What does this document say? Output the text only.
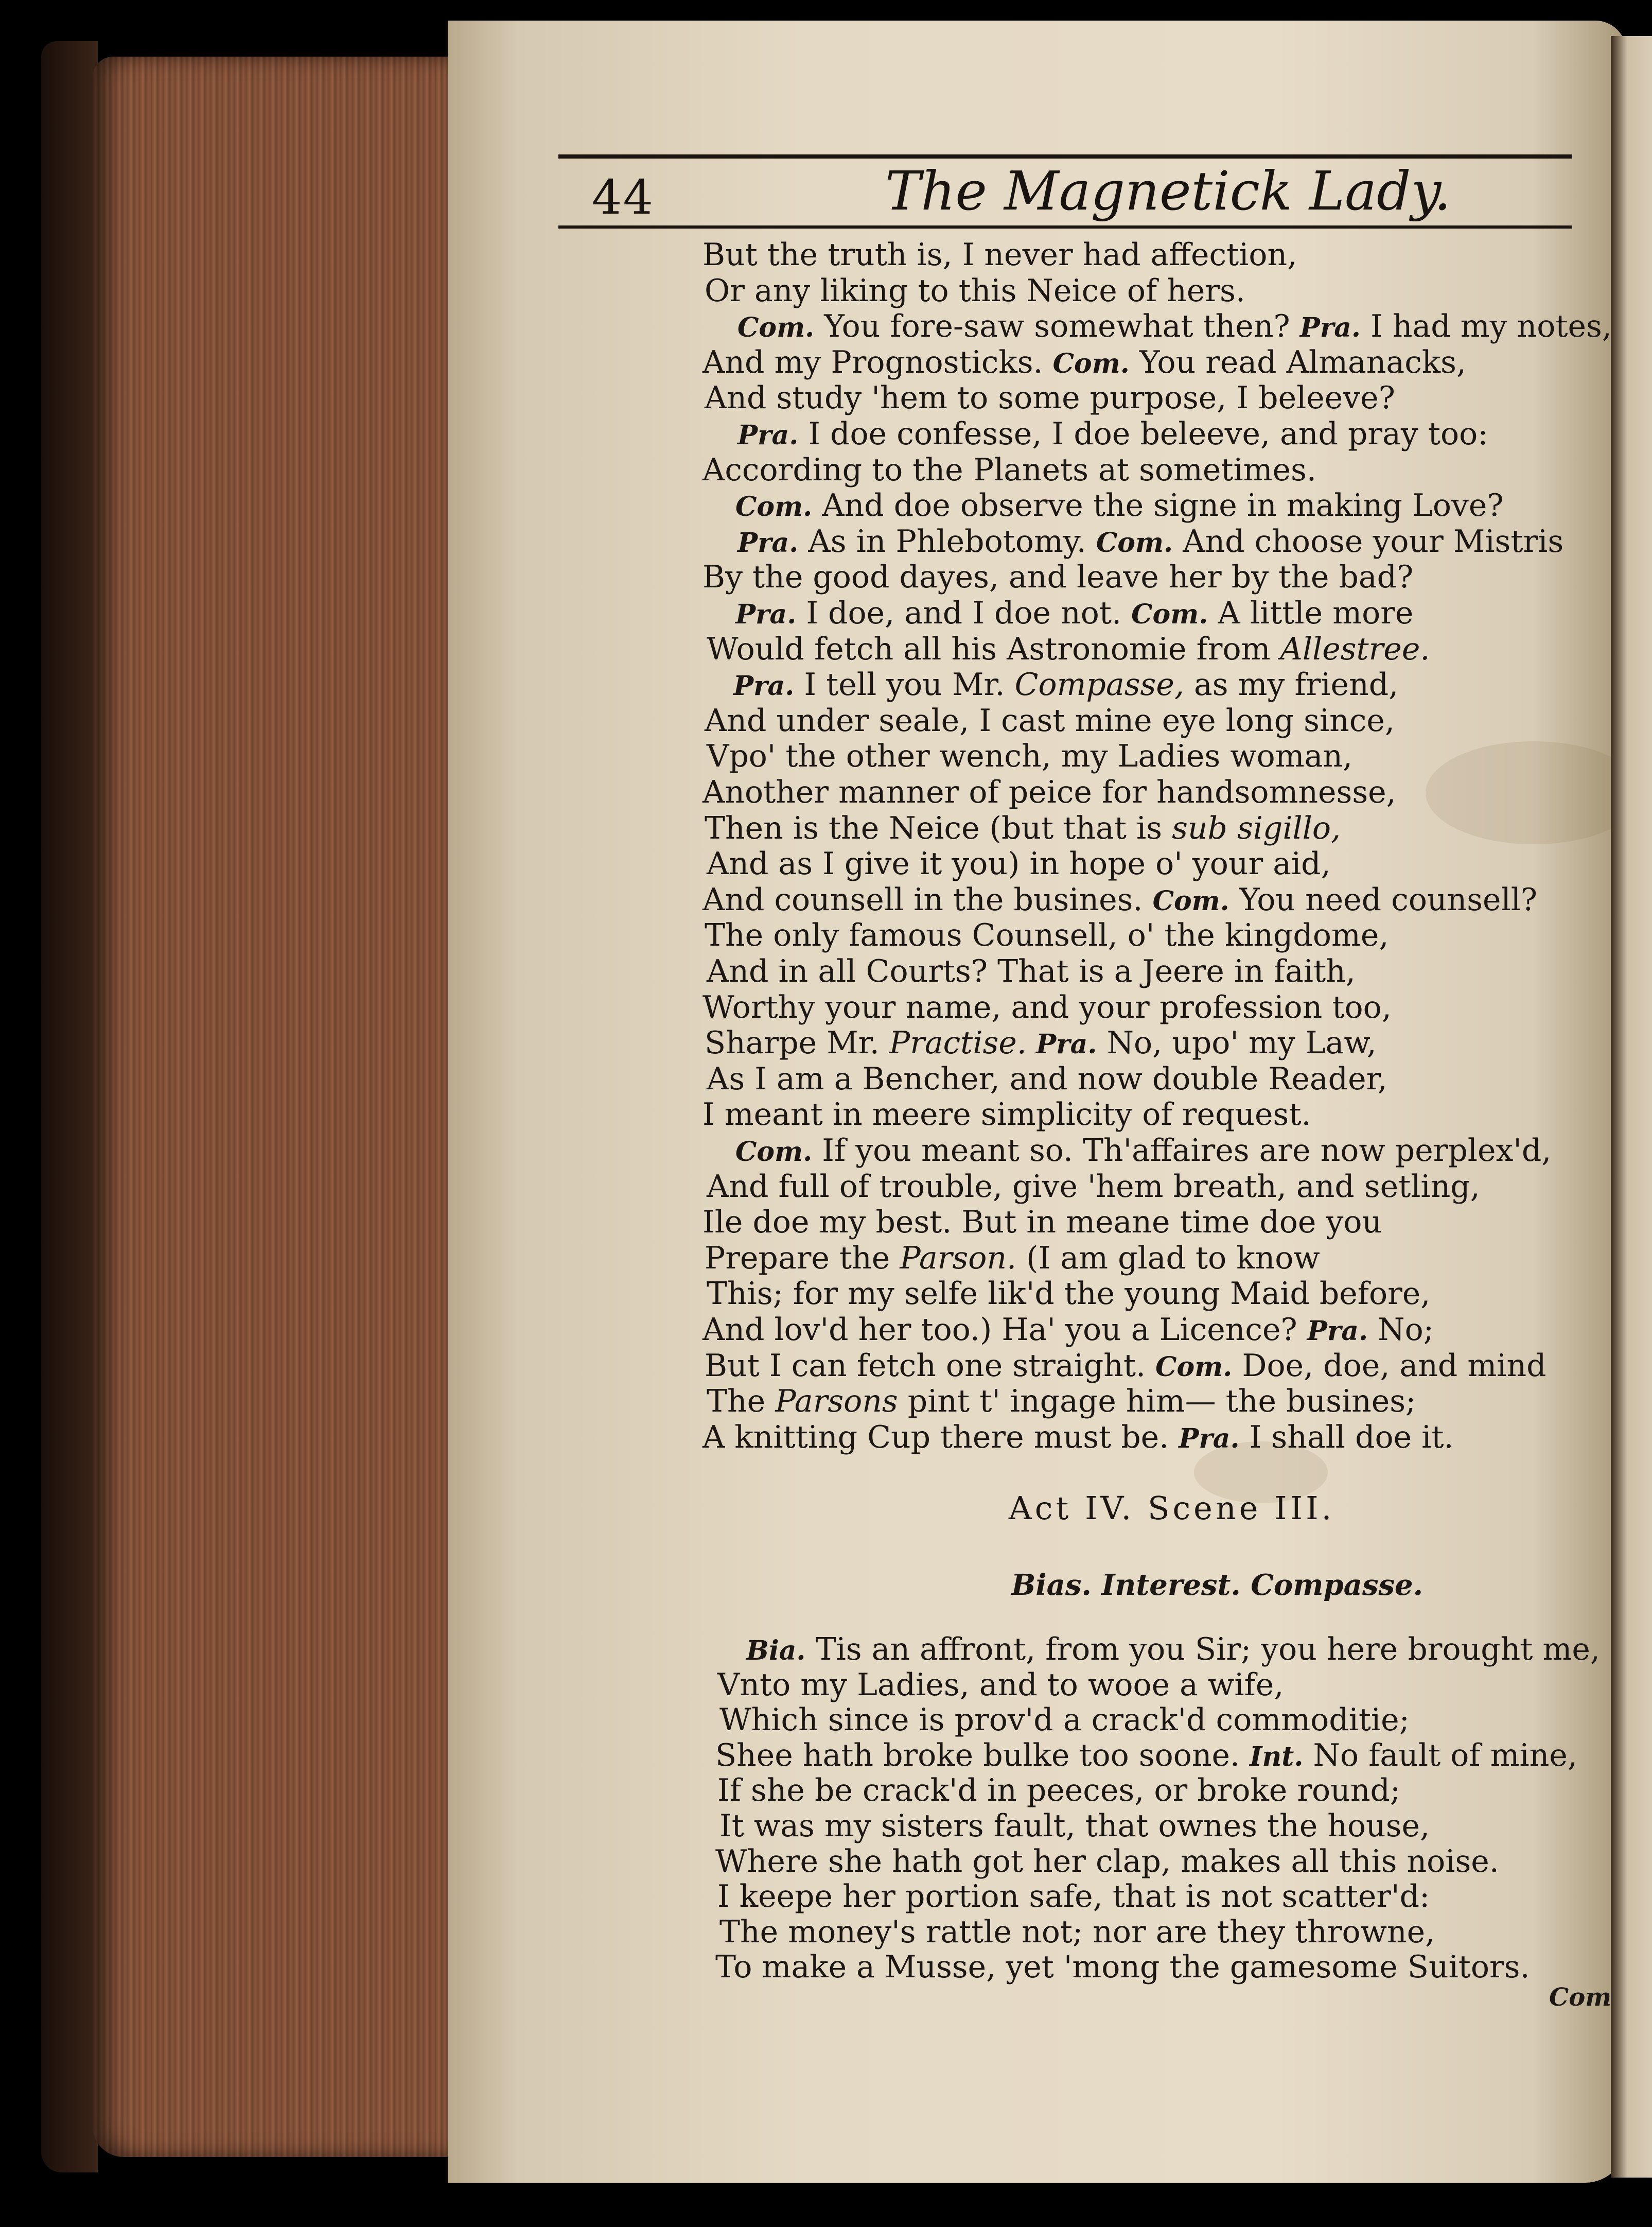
44	The Magnetick Lady.
But the truth is, I never had affection,
Or any liking to this Neice of hers.
Com. You fore-saw somewhat then? Pra. I had my notes,
And my Prognosticks. Com. You read Almanacks,
And study 'hem to some purpose, I beleeve?
Pra. I doe confesse, I doe beleeve, and pray too:
According to the Planets at sometimes.
Com. And doe observe the signe in making Love?
Pra. As in Phlebotomy. Com. And choose your Mistris
By the good dayes, and leave her by the bad?
Pra. I doe, and I doe not. Com. A little more
Would fetch all his Astronomie from Allestree.
Pra. I tell you Mr. Compasse, as my friend,
And under seale, I cast mine eye long since,
Vpo' the other wench, my Ladies woman,
Another manner of peice for handsomnesse,
Then is the Neice (but that is sub sigillo,
And as I give it you) in hope o' your aid,
And counsell in the busines. Com. You need counsell?
The only famous Counsell, o' the kingdome,
And in all Courts? That is a Jeere in faith,
Worthy your name, and your profession too,
Sharpe Mr. Practise. Pra. No, upo' my Law,
As I am a Bencher, and now double Reader,
I meant in meere simplicity of request.
Com. If you meant so. Th'affaires are now perplex'd,
And full of trouble, give 'hem breath, and setling,
Ile doe my best. But in meane time doe you
Prepare the Parson. (I am glad to know
This; for my selfe lik'd the young Maid before,
And lov'd her too.) Ha' you a Licence? Pra. No;
But I can fetch one straight. Com. Doe, doe, and mind
The Parsons pint t' ingage him— the busines;
A knitting Cup there must be. Pra. I shall doe it.
Act IV. Scene III.
Bias. Interest. Compasse.
Bia. Tis an affront, from you Sir; you here brought me,
Vnto my Ladies, and to wooe a wife,
Which since is prov'd a crack'd commoditie;
Shee hath broke bulke too soone. Int. No fault of mine,
If she be crack'd in peeces, or broke round;
It was my sisters fault, that ownes the house,
Where she hath got her clap, makes all this noise.
I keepe her portion safe, that is not scatter'd:
The money's rattle not; nor are they throwne,
To make a Musse, yet 'mong the gamesome Suitors.
Com
